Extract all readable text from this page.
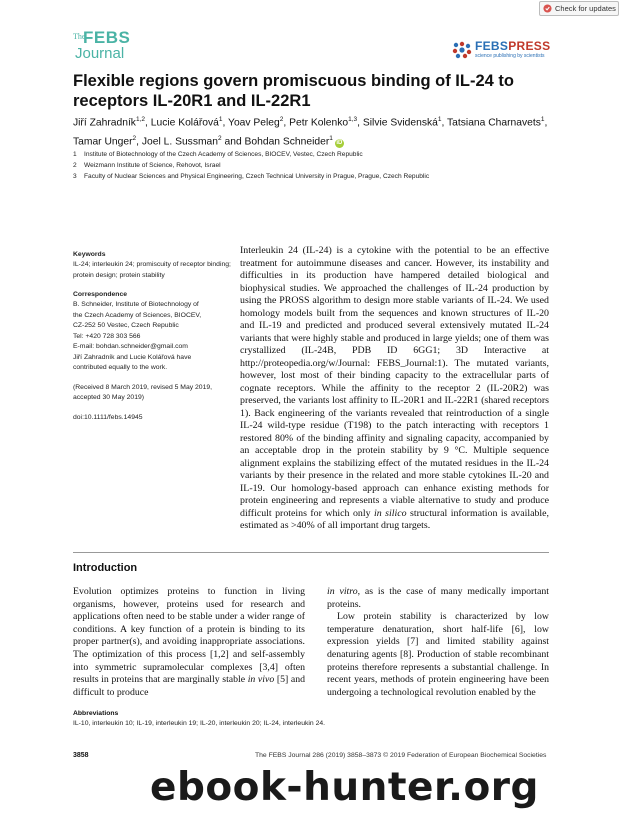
Check for updates
The
FEBS
Journal	FEBSPRESS
science publishing by scientists
Flexible regions govern promiscuous binding of IL-24 to receptors IL-20R1 and IL-22R1
Jiří Zahradník$^{1,2}$, Lucie Kolářová$^1$, Yoav Peleg$^2$, Petr Kolenko$^{1,3}$, Silvie Svidenská$^1$, Tatsiana Charnavets$^1$, Tamar Unger$^2$, Joel L. Sussman$^2$ and Bohdan Schneider$^1$iD
1	Institute of Biotechnology of the Czech Academy of Sciences, BIOCEV, Vestec, Czech Republic
2	Weizmann Institute of Science, Rehovot, Israel
3	Faculty of Nuclear Sciences and Physical Engineering, Czech Technical University in Prague, Prague, Czech Republic
Keywords

IL-24; interleukin 24; promiscuity of receptor binding; protein design; protein stability

Correspondence

B. Schneider, Institute of Biotechnology of

the Czech Academy of Sciences, BIOCEV,

CZ-252 50 Vestec, Czech Republic

Tel: +420 728 303 566

E-mail: bohdan.schneider@gmail.com

Jiří Zahradník and Lucie Kolářová have

contributed equally to the work.

(Received 8 March 2019, revised 5 May 2019, accepted 30 May 2019)

doi:10.1111/febs.14945

Interleukin 24 (IL-24) is a cytokine with the potential to be an effective treatment for autoimmune diseases and cancer. However, its instability and difficulties in its production have hampered detailed biological and biophysical studies. We approached the challenges of IL-24 production by using the PROSS algorithm to design more stable variants of IL-24. We used homology models built from the sequences and known structures of IL-20 and IL-19 and predicted and produced several extensively mutated IL-24 variants that were highly stable and produced in large yields; one of them was crystallized (IL-24B, PDB ID 6GG1; 3D Interactive at http://proteopedia.org/w/Journal: FEBS_Journal:1). The mutated variants, however, lost most of their binding capacity to the extracellular parts of cognate receptors. While the affinity to the receptor 2 (IL-20R2) was preserved, the variants lost affinity to IL-20R1 and IL-22R1 (shared receptors 1). Back engineering of the variants revealed that reintroduction of a single IL-24 wild-type residue (T198) to the patch interacting with receptors 1 restored 80% of the binding affinity and signaling capacity, accompanied by an acceptable drop in the protein stability by 9 °C. Multiple sequence alignment explains the stabilizing effect of the mutated residues in the IL-24 variants by their presence in the related and more stable cytokines IL-20 and IL-19. Our homology-based approach can enhance existing methods for protein engineering and represents a viable alternative to study and produce difficult proteins for which only in silico structural information is available, estimated as >40% of all important drug targets.
Introduction
Evolution optimizes proteins to function in living organisms, however, proteins used for research and applications often need to be stable under a wider range of conditions. A key function of a protein is binding to its proper partner(s), and avoiding inappropriate associations. The optimization of this process [1,2] and self-assembly into symmetric supramolecular complexes [3,4] often results in proteins that are marginally stable in vivo [5] and difficult to produce

in vitro, as is the case of many medically important proteins.

Low protein stability is characterized by low temperature denaturation, short half-life [6], low expression yields [7] and limited stability against denaturing agents [8]. Production of stable recombinant proteins therefore represents a substantial challenge. In recent years, methods of protein engineering have been undergoing a technological revolution enabled by the

Abbreviations
IL-10, interleukin 10; IL-19, interleukin 19; IL-20, interleukin 20; IL-24, interleukin 24.
3858	The FEBS Journal 286 (2019) 3858–3873 © 2019 Federation of European Biochemical Societies
ebook-hunter.org
